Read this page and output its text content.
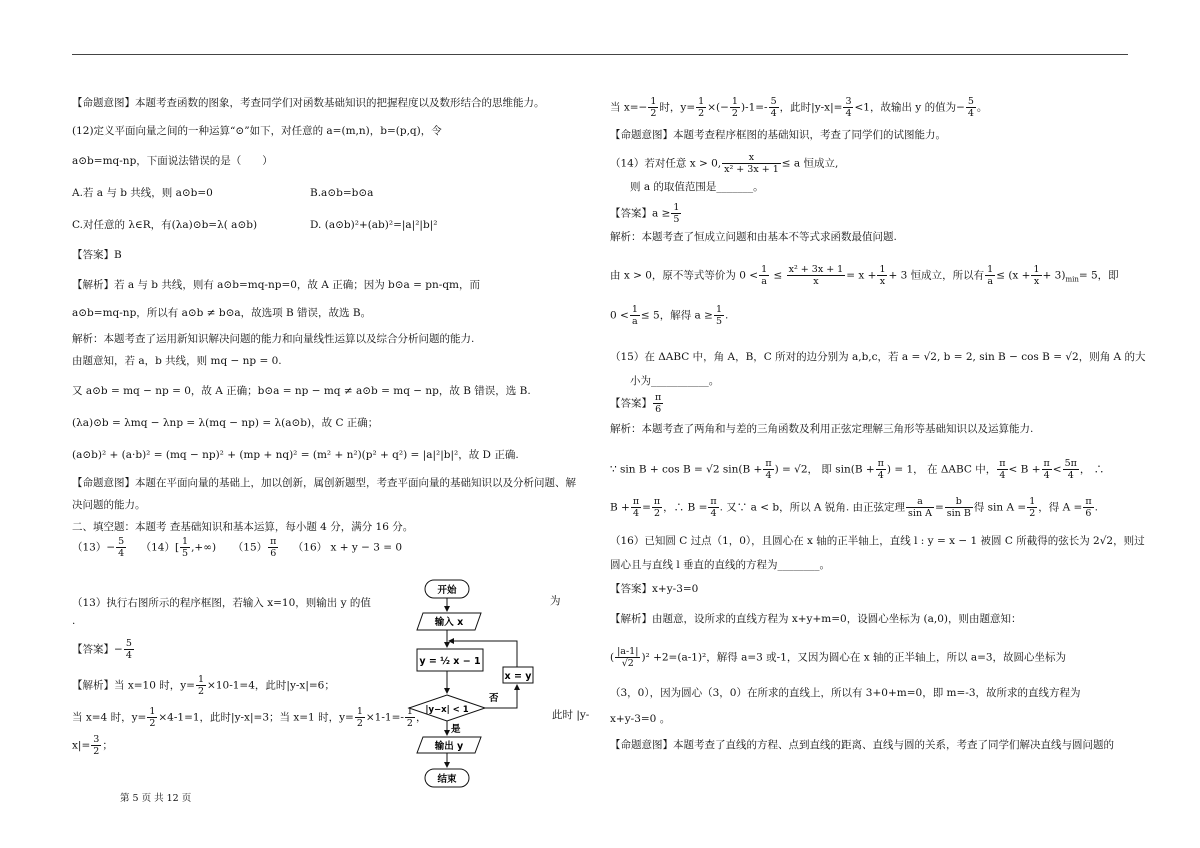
【命题意图】本题考查函数的图象，考查同学们对函数基础知识的把握程度以及数形结合的思维能力。
(12)定义平面向量之间的一种运算“⊙”如下，对任意的 a=(m,n)，b=(p,q)，令
a⊙b=mq-np，下面说法错误的是（　　）
A.若 a 与 b 共线，则 a⊙b=0	B.a⊙b=b⊙a
C.对任意的 λ∈R，有(λa)⊙b=λ( a⊙b)	D. (a⊙b)²+(ab)²=|a|²|b|²
【答案】B
【解析】若 a 与 b 共线，则有 a⊙b=mq-np=0，故 A 正确；因为 b⊙a = pn-qm，而
a⊙b=mq-np，所以有 a⊙b ≠ b⊙a，故选项 B 错误，故选 B。
解析：本题考查了运用新知识解决问题的能力和向量线性运算以及综合分析问题的能力.
由题意知，若 a，b 共线，则 mq − np = 0.
又 a⊙b = mq − np = 0，故 A 正确；b⊙a = np − mq ≠ a⊙b = mq − np，故 B 错误，选 B.
(λa)⊙b = λmq − λnp = λ(mq − np) = λ(a⊙b)，故 C 正确；
(a⊙b)² + (a·b)² = (mq − np)² + (mp + nq)² = (m² + n²)(p² + q²) = |a|²|b|²，故 D 正确.
【命题意图】本题在平面向量的基础上，加以创新，属创新题型，考查平面向量的基础知识以及分析问题、解
决问题的能力。
二、填空题：本题考 查基础知识和基本运算，每小题 4 分，满分 16 分。
$(13)- \frac{5}{4} (14)[ \frac{1}{5}$ ,+∞) $(15) \frac{\pi}{6} (16) x + y - 3 = 0$
（13）执行右图所示的程序框图，若输入 x=10，则输出 y 的值	为
.
【答案】− $\frac{5}{4}$
【解析】当 x=10 时，$y= \frac{1}{2} \times 10-1=4$，此时|y-x|=6；
当 x=4 时，$y= \frac{1}{2} \times 4-1=1$，此时|y-x|=3；当 x=1 时，$y= \frac{1}{2} \times 1-1=- \frac{1}{2}$ ，	此时 |y-
$x|= \frac{3}{2}$ ；
开始
输入 x
y = ½ x − 1
|y−x| < 1
否
x = y
是
输出 y
结束
当 $x=- \frac{1}{2}$ 时，$y= \frac{1}{2}$ ×(− $\frac{1}{2} )-1=- \frac{5}{4}$ ，此时$|y-x|= \frac{3}{4} <1$，故输出 y 的值为− $\frac{5}{4}$ 。
【命题意图】本题考查程序框图的基础知识，考查了同学们的试图能力。
（14）若对任意 x > 0, $\frac{x}{\text{x² + 3x + 1}} \le a$ 恒成立,
则 a 的取值范围是_______。
【答案】$a \ge \frac{1}{5}$
解析：本题考查了恒成立问题和由基本不等式求函数最值问题.
由 x > 0，原不等式等价为 $0 < \frac{1}{a} \le \frac{\text{x² + 3x + 1}}{x} = x + \frac{1}{x} + 3$ 恒成立，所以有 $\frac{1}{a} \le (x + \frac{1}{x} + 3)_{min}= 5$，即
$0 < \frac{1}{a} \le 5$，解得 $a \ge \frac{1}{5}$ .
（15）在 ΔABC 中，角 A，B，C 所对的边分别为 a,b,c，若 a = √2, b = 2, sin B − cos B = √2，则角 A 的大
小为___________。
【答案】 $\frac{\pi}{6}$
解析：本题考查了两角和与差的三角函数及利用正弦定理解三角形等基础知识以及运算能力.
∵ sin B + cos B = √2 $\sin(B + \frac{\pi}{4}$ ) = √2， 即 $\sin(B + \frac{\pi}{4}$ ) = 1， 在 ΔABC 中， $\frac{\pi}{4} < B + \frac{\pi}{4} < \frac{5\pi}{4}$ ， ∴
$B + \frac{\pi}{4} = \frac{\pi}{2}$ ，∴ $B = \frac{\pi}{4}$ . 又∵ a < b，所以 A 锐角. 由正弦定理 $\frac{a}{\text{sin A}} = \frac{b}{\text{sin B}}$ 得 $\sin A = \frac{1}{2}$ ，得 $A = \frac{\pi}{6}$ .
（16）已知圆 C 过点（1，0），且圆心在 x 轴的正半轴上，直线 l : y = x − 1 被圆 C 所截得的弦长为 2√2，则过
圆心且与直线 l 垂直的直线的方程为________。
【答案】x+y-3=0
【解析】由题意，设所求的直线方程为 x+y+m=0，设圆心坐标为 (a,0)，则由题意知：
( $\frac{|a-1|}{√2} )^2 +2=(a-1)^2$，解得 a=3 或-1，又因为圆心在 x 轴的正半轴上，所以 a=3，故圆心坐标为
（3，0），因为圆心（3，0）在所求的直线上，所以有 3+0+m=0，即 m=-3，故所求的直线方程为
x+y-3=0 。
【命题意图】本题考查了直线的方程、点到直线的距离、直线与圆的关系，考查了同学们解决直线与圆问题的
第 5 页 共 12 页
